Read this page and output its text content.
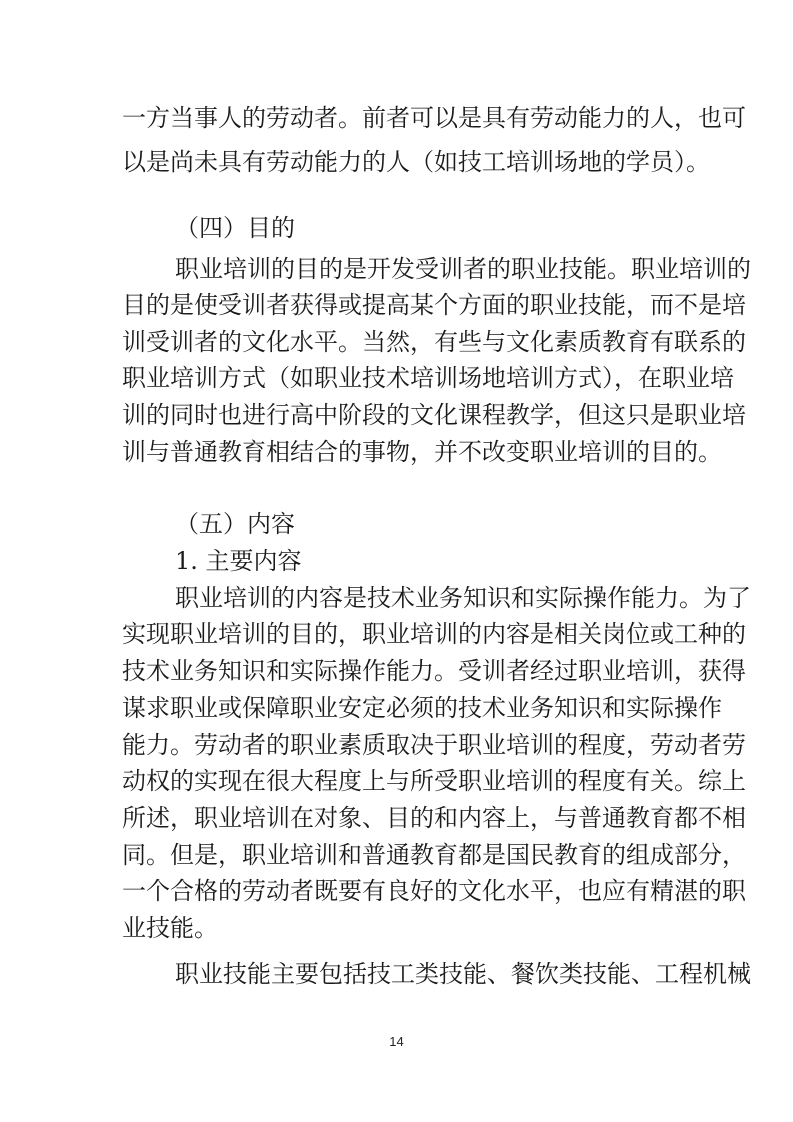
一方当事人的劳动者。前者可以是具有劳动能力的人，也可
以是尚未具有劳动能力的人（如技工培训场地的学员）。
（四）目的
职业培训的目的是开发受训者的职业技能。职业培训的
目的是使受训者获得或提高某个方面的职业技能，而不是培
训受训者的文化水平。当然，有些与文化素质教育有联系的
职业培训方式（如职业技术培训场地培训方式），在职业培
训的同时也进行高中阶段的文化课程教学，但这只是职业培
训与普通教育相结合的事物，并不改变职业培训的目的。
（五）内容
1. 主要内容
职业培训的内容是技术业务知识和实际操作能力。为了
实现职业培训的目的，职业培训的内容是相关岗位或工种的
技术业务知识和实际操作能力。受训者经过职业培训，获得
谋求职业或保障职业安定必须的技术业务知识和实际操作
能力。劳动者的职业素质取决于职业培训的程度，劳动者劳
动权的实现在很大程度上与所受职业培训的程度有关。综上
所述，职业培训在对象、目的和内容上，与普通教育都不相
同。但是，职业培训和普通教育都是国民教育的组成部分，
一个合格的劳动者既要有良好的文化水平，也应有精湛的职
业技能。
职业技能主要包括技工类技能、餐饮类技能、工程机械
14
